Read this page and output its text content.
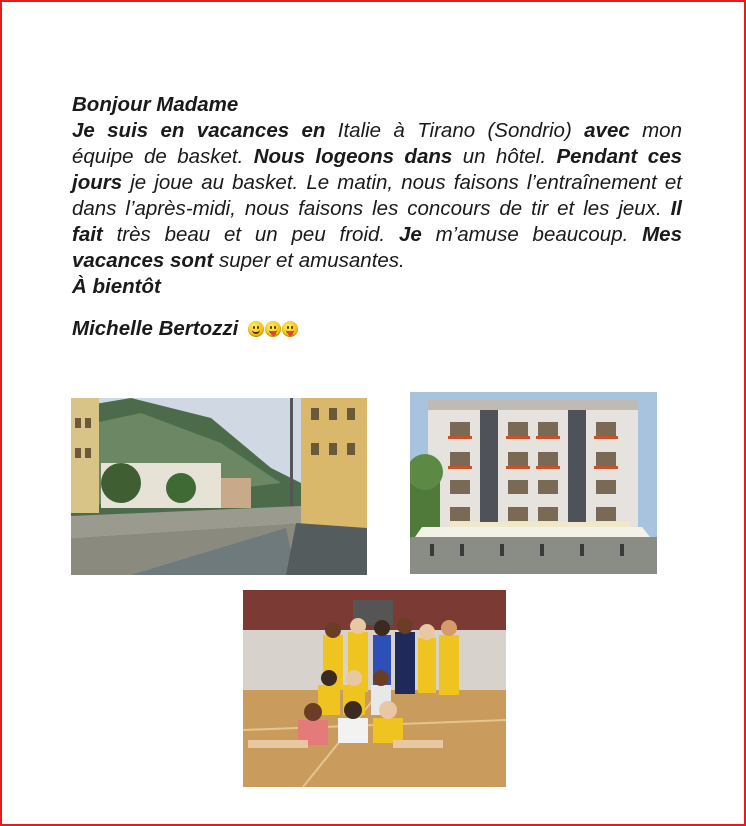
Bonjour Madame

Je suis en vacances en Italie à Tirano (Sondrio) avec mon équipe de basket. Nous logeons dans un hôtel. Pendant ces jours je joue au basket. Le matin, nous faisons l’entraînement et dans l’après-midi, nous faisons les concours de tir et les jeux. Il fait très beau et un peu froid. Je m’amuse beaucoup. Mes vacances sont super et amusantes.

À bientôt

Michelle Bertozzi
